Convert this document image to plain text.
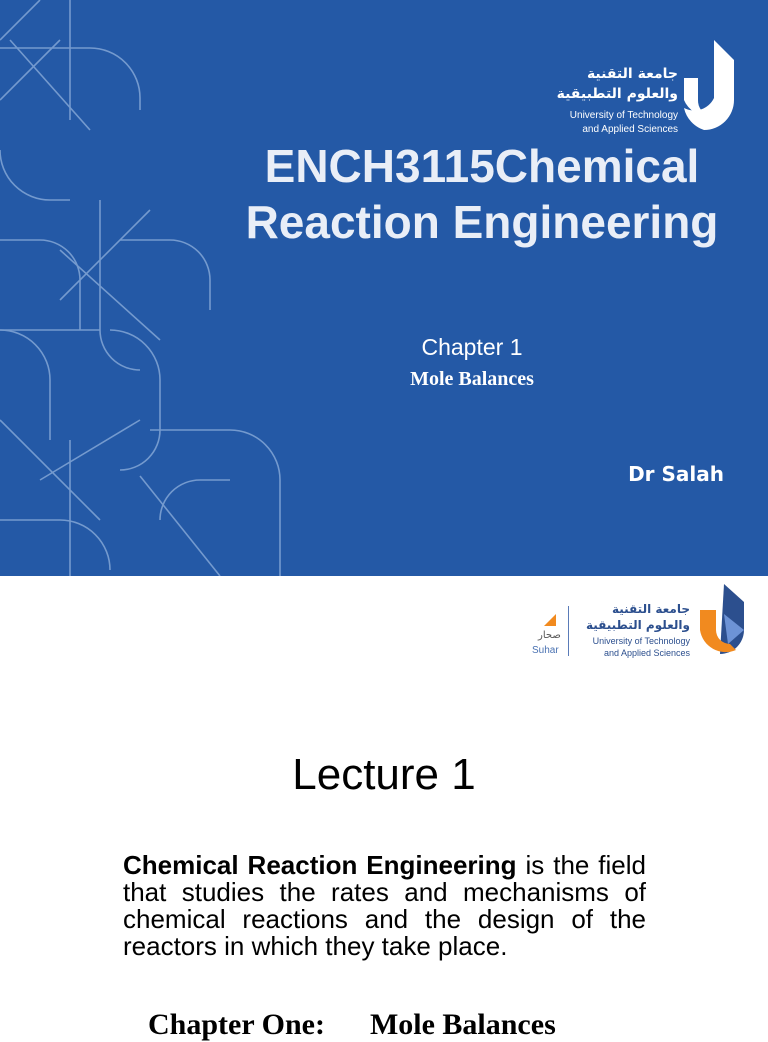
جامعة التقنية
والعلوم التطبيقية
University of Technology
and Applied Sciences
ENCH3115Chemical Reaction Engineering
Chapter 1
Mole Balances
Dr Salah
صحار
Suhar
جامعة التقنية
والعلوم التطبيقية
University of Technology
and Applied Sciences
Lecture 1

Chemical Reaction Engineering is the field that studies the rates and mechanisms of chemical reactions and the design of the reactors in which they take place.

Chapter One:      Mole Balances
